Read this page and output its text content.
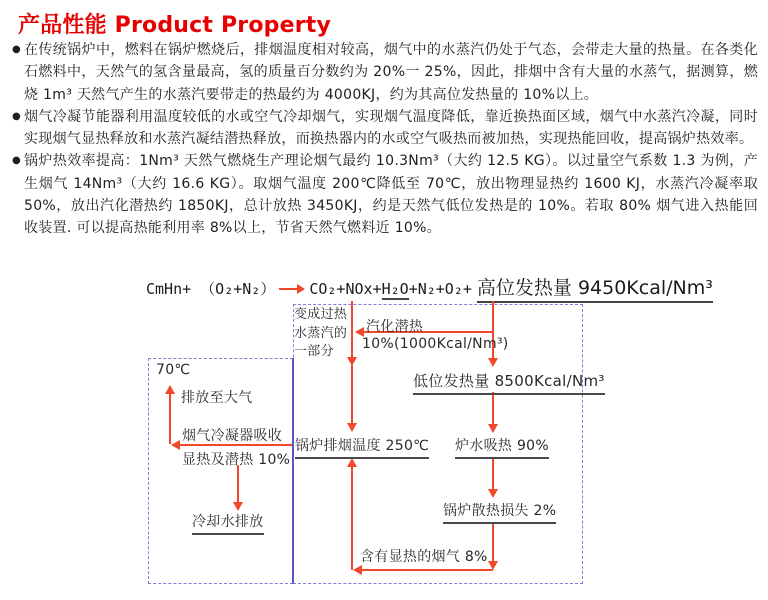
产品性能 Product Property
● 在传统锅炉中，燃料在锅炉燃烧后，排烟温度相对较高，烟气中的水蒸汽仍处于气态，会带走大量的热量。在各类化石燃料中，天然气的氢含量最高，氢的质量百分数约为 20%一 25%，因此，排烟中含有大量的水蒸气，据测算，燃烧 1m³ 天然气产生的水蒸汽要带走的热最约为 4000KJ，约为其高位发热量的 10%以上。
● 烟气冷凝节能器利用温度较低的水或空气冷却烟气，实现烟气温度降低，靠近换热面区域，烟气中水蒸汽冷凝，同时实现烟气显热释放和水蒸汽凝结潜热释放，而换热器内的水或空气吸热而被加热，实现热能回收，提高锅炉热效率。
● 锅炉热效率提高：1Nm³ 天然气燃烧生产理论烟气最约 10.3Nm³（大约 12.5 KG）。以过量空气系数 1.3 为例，产生烟气 14Nm³（大约 16.6 KG）。取烟气温度 200℃降低至 70℃，放出物理显热约 1600 KJ，水蒸汽冷凝率取 50%，放出汽化潜热约 1850KJ，总计放热 3450KJ，约是天然气低位发热是的 10%。若取 80% 烟气进入热能回收装置. 可以提高热能利用率 8%以上，节省天然气燃料近 10%。
CmHn+ （O₂+N₂） CO₂+NOx+ H₂O +N₂+O₂+ 高位发热量 9450Kcal/Nm³
变成过热
水蒸汽的
一部分
汽化潜热
10%(1000Kcal/Nm³)
低位发热量 8500Kcal/Nm³
70℃
排放至大气
烟气冷凝器吸收
显热及潜热 10%
锅炉排烟温度 250℃ 炉水吸热 90%
锅炉散热损失 2%
冷却水排放
含有显热的烟气 8%
